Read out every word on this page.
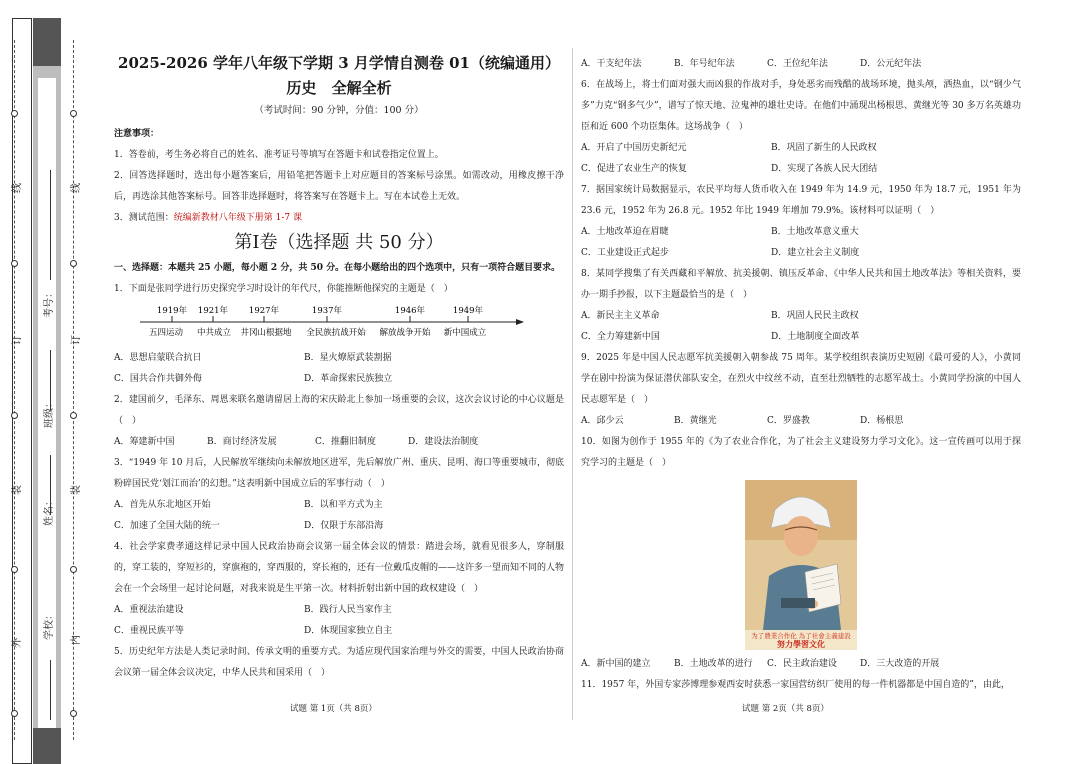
外
装
订
线
内
装
订
线
学校：
姓名：
班级：
考号：
2025-2026 学年八年级下学期 3 月学情自测卷 01（统编通用）
历史 全解全析
（考试时间：90 分钟，分值：100 分）
注意事项：
1．答卷前，考生务必将自己的姓名、准考证号等填写在答题卡和试卷指定位置上。
2．回答选择题时，选出每小题答案后，用铅笔把答题卡上对应题目的答案标号涂黑。如需改动，用橡皮擦干净后，再选涂其他答案标号。回答非选择题时，将答案写在答题卡上。写在本试卷上无效。
3．测试范围：统编新教材八年级下册第 1-7 课
第Ⅰ卷（选择题 共 50 分）
一、选择题：本题共 25 小题，每小题 2 分，共 50 分。在每小题给出的四个选项中，只有一项符合题目要求。
1．下面是张同学进行历史探究学习时设计的年代尺，你能推断他探究的主题是（　）
1919年
五四运动
1921年
中共成立
1927年
井冈山根据地
1937年
全民族抗战开始
1946年
解放战争开始
1949年
新中国成立
A．思想启蒙联合抗日	B．星火燎原武装割据
C．国共合作共御外侮	D．革命探索民族独立
2．建国前夕，毛泽东、周恩来联名邀请留居上海的宋庆龄北上参加一场重要的会议，这次会议讨论的中心议题是（　）
A．筹建新中国	B．商讨经济发展	C．推翻旧制度	D．建设法治制度
3．“1949 年 10 月后，人民解放军继续向未解放地区进军，先后解放广州、重庆、昆明、海口等重要城市，彻底粉碎国民党‘划江而治’的幻想。”这表明新中国成立后的军事行动（　）
A．首先从东北地区开始	B．以和平方式为主
C．加速了全国大陆的统一	D．仅限于东部沿海
4．社会学家费孝通这样记录中国人民政治协商会议第一届全体会议的情景：踏进会场，就看见很多人，穿制服的，穿工装的，穿短衫的，穿旗袍的，穿西服的，穿长袍的，还有一位戴瓜皮帽的——这许多一望而知不同的人物会在一个会场里一起讨论问题，对我来说是生平第一次。材料折射出新中国的政权建设（　）
A．重视法治建设	B．践行人民当家作主
C．重视民族平等	D．体现国家独立自主
5．历史纪年方法是人类记录时间、传承文明的重要方式。为适应现代国家治理与外交的需要，中国人民政治协商会议第一届全体会议决定，中华人民共和国采用（　）
A．干支纪年法	B．年号纪年法	C．王位纪年法	D．公元纪年法
6．在战场上，将士们面对强大而凶狠的作战对手，身处恶劣而残酷的战场环境，抛头颅，洒热血，以“钢少气多”力克“钢多气少”，谱写了惊天地、泣鬼神的雄壮史诗。在他们中涌现出杨根思、黄继光等 30 多万名英雄功臣和近 600 个功臣集体。这场战争（　）
A．开启了中国历史新纪元	B．巩固了新生的人民政权
C．促进了农业生产的恢复	D．实现了各族人民大团结
7．据国家统计局数据显示，农民平均每人货币收入在 1949 年为 14.9 元，1950 年为 18.7 元，1951 年为 23.6 元，1952 年为 26.8 元。1952 年比 1949 年增加 79.9%。该材料可以证明（　）
A．土地改革迫在眉睫	B．土地改革意义重大
C．工业建设正式起步	D．建立社会主义制度
8．某同学搜集了有关西藏和平解放、抗美援朝、镇压反革命、《中华人民共和国土地改革法》等相关资料，要办一期手抄报，以下主题最恰当的是（　）
A．新民主主义革命	B．巩固人民民主政权
C．全力筹建新中国	D．土地制度全面改革
9．2025 年是中国人民志愿军抗美援朝入朝参战 75 周年。某学校组织表演历史短剧《最可爱的人》，小黄同学在剧中扮演为保证潜伏部队安全，在烈火中纹丝不动，直至壮烈牺牲的志愿军战士。小黄同学扮演的中国人民志愿军是（　）
A．邱少云	B．黄继光	C．罗盛教	D．杨根思
10．如图为创作于 1955 年的《为了农业合作化，为了社会主义建设努力学习文化》。这一宣传画可以用于探究学习的主题是（　）
为了農業合作化 為了社會主義建設
努力學習文化
A．新中国的建立	B．土地改革的进行	C．民主政治建设	D．三大改造的开展
11．1957 年，外国专家莎博理参观西安时获悉一家国营纺织厂使用的每一件机器都是中国自造的”，由此，
试题 第 1页（共 8页）	试题 第 2页（共 8页）
